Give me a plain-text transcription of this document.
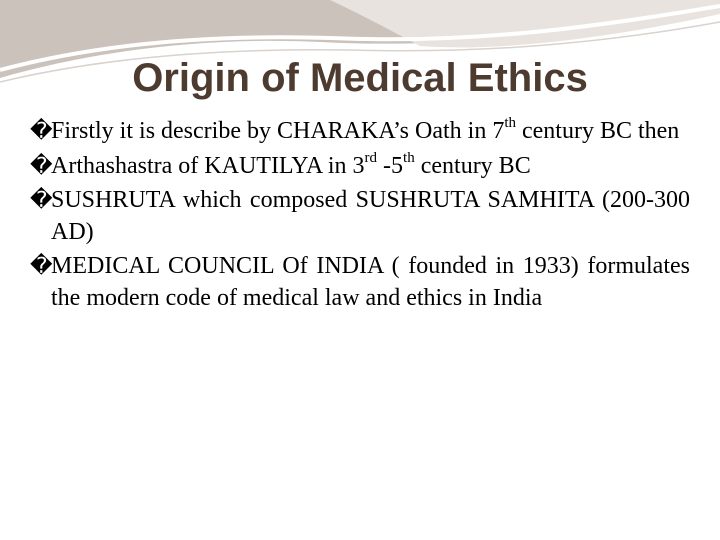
Origin of Medical Ethics
�
Firstly it is describe by CHARAKA’s Oath in 7th century BC then
�
Arthashastra of KAUTILYA in 3rd -5th century BC
�
SUSHRUTA which composed SUSHRUTA SAMHITA (200-300 AD)
�
MEDICAL COUNCIL Of INDIA ( founded in 1933) formulates the modern code of medical law and ethics in India
